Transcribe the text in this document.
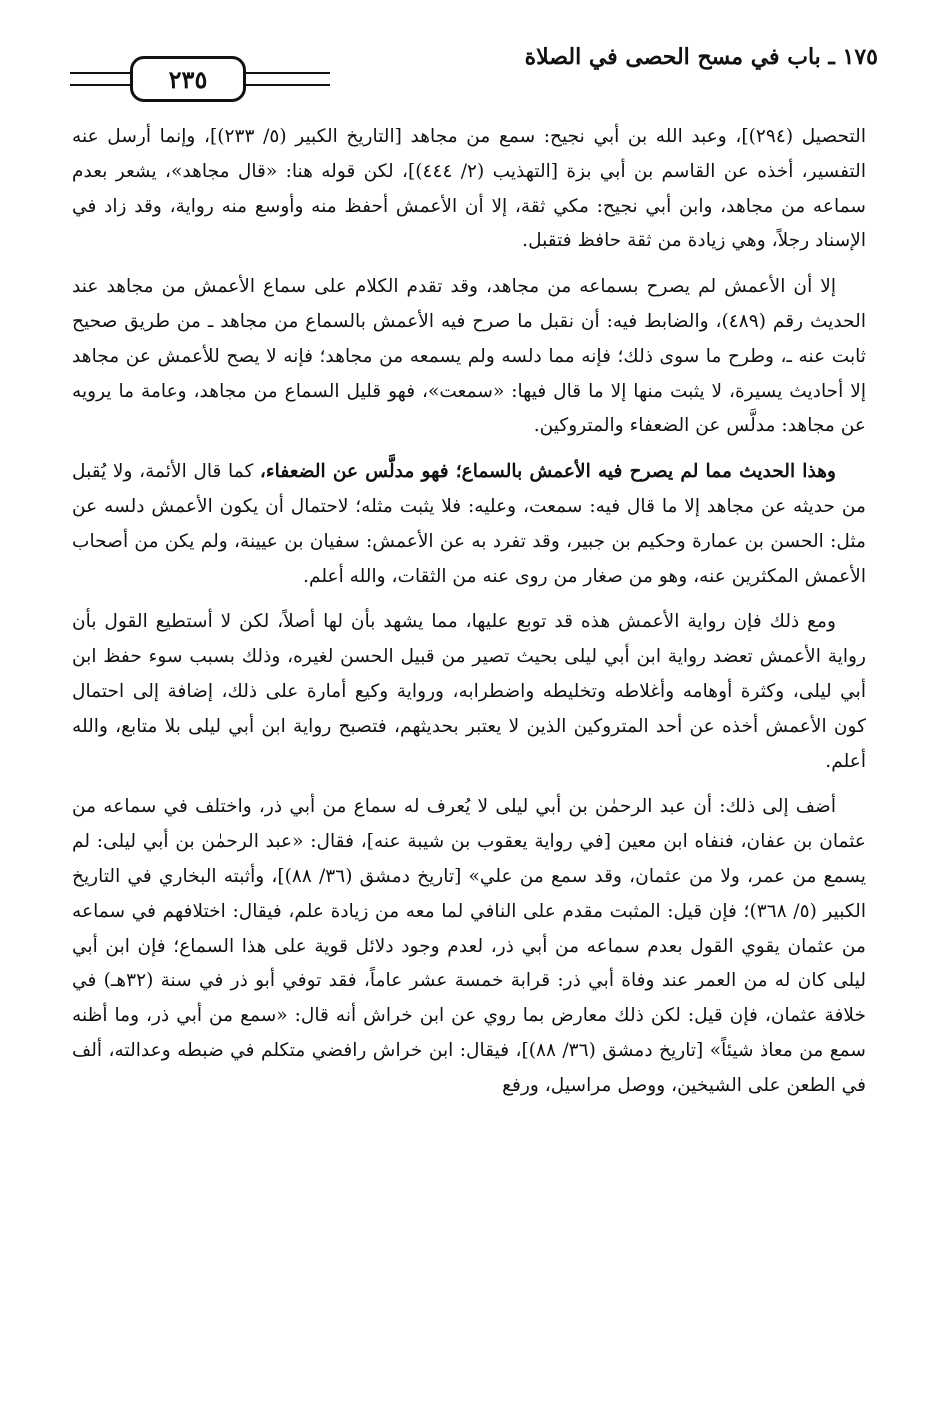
١٧٥ ـ باب في مسح الحصى في الصلاة
٢٣٥

التحصيل (٢٩٤)]، وعبد الله بن أبي نجيح: سمع من مجاهد [التاريخ الكبير (٥/ ٢٣٣)]، وإنما أرسل عنه التفسير، أخذه عن القاسم بن أبي بزة [التهذيب (٢/ ٤٤٤)]، لكن قوله هنا: «قال مجاهد»، يشعر بعدم سماعه من مجاهد، وابن أبي نجيح: مكي ثقة، إلا أن الأعمش أحفظ منه وأوسع منه رواية، وقد زاد في الإسناد رجلاً، وهي زيادة من ثقة حافظ فتقبل.

إلا أن الأعمش لم يصرح بسماعه من مجاهد، وقد تقدم الكلام على سماع الأعمش من مجاهد عند الحديث رقم (٤٨٩)، والضابط فيه: أن نقبل ما صرح فيه الأعمش بالسماع من مجاهد ـ من طريق صحيح ثابت عنه ـ، وطرح ما سوى ذلك؛ فإنه مما دلسه ولم يسمعه من مجاهد؛ فإنه لا يصح للأعمش عن مجاهد إلا أحاديث يسيرة، لا يثبت منها إلا ما قال فيها: «سمعت»، فهو قليل السماع من مجاهد، وعامة ما يرويه عن مجاهد: مدلَّس عن الضعفاء والمتروكين.

وهذا الحديث مما لم يصرح فيه الأعمش بالسماع؛ فهو مدلَّس عن الضعفاء، كما قال الأئمة، ولا يُقبل من حديثه عن مجاهد إلا ما قال فيه: سمعت، وعليه: فلا يثبت مثله؛ لاحتمال أن يكون الأعمش دلسه عن مثل: الحسن بن عمارة وحكيم بن جبير، وقد تفرد به عن الأعمش: سفيان بن عيينة، ولم يكن من أصحاب الأعمش المكثرين عنه، وهو من صغار من روى عنه من الثقات، والله أعلم.

ومع ذلك فإن رواية الأعمش هذه قد توبع عليها، مما يشهد بأن لها أصلاً، لكن لا أستطيع القول بأن رواية الأعمش تعضد رواية ابن أبي ليلى بحيث تصير من قبيل الحسن لغيره، وذلك بسبب سوء حفظ ابن أبي ليلى، وكثرة أوهامه وأغلاطه وتخليطه واضطرابه، ورواية وكيع أمارة على ذلك، إضافة إلى احتمال كون الأعمش أخذه عن أحد المتروكين الذين لا يعتبر بحديثهم، فتصبح رواية ابن أبي ليلى بلا متابع، والله أعلم.

أضف إلى ذلك: أن عبد الرحمٰن بن أبي ليلى لا يُعرف له سماع من أبي ذر، واختلف في سماعه من عثمان بن عفان، فنفاه ابن معين [في رواية يعقوب بن شيبة عنه]، فقال: «عبد الرحمٰن بن أبي ليلى: لم يسمع من عمر، ولا من عثمان، وقد سمع من علي» [تاريخ دمشق (٣٦/ ٨٨)]، وأثبته البخاري في التاريخ الكبير (٥/ ٣٦٨)؛ فإن قيل: المثبت مقدم على النافي لما معه من زيادة علم، فيقال: اختلافهم في سماعه من عثمان يقوي القول بعدم سماعه من أبي ذر، لعدم وجود دلائل قوية على هذا السماع؛ فإن ابن أبي ليلى كان له من العمر عند وفاة أبي ذر: قرابة خمسة عشر عاماً، فقد توفي أبو ذر في سنة (٣٢هـ) في خلافة عثمان، فإن قيل: لكن ذلك معارض بما روي عن ابن خراش أنه قال: «سمع من أبي ذر، وما أظنه سمع من معاذ شيئاً» [تاريخ دمشق (٣٦/ ٨٨)]، فيقال: ابن خراش رافضي متكلم في ضبطه وعدالته، ألف في الطعن على الشيخين، ووصل مراسيل، ورفع
